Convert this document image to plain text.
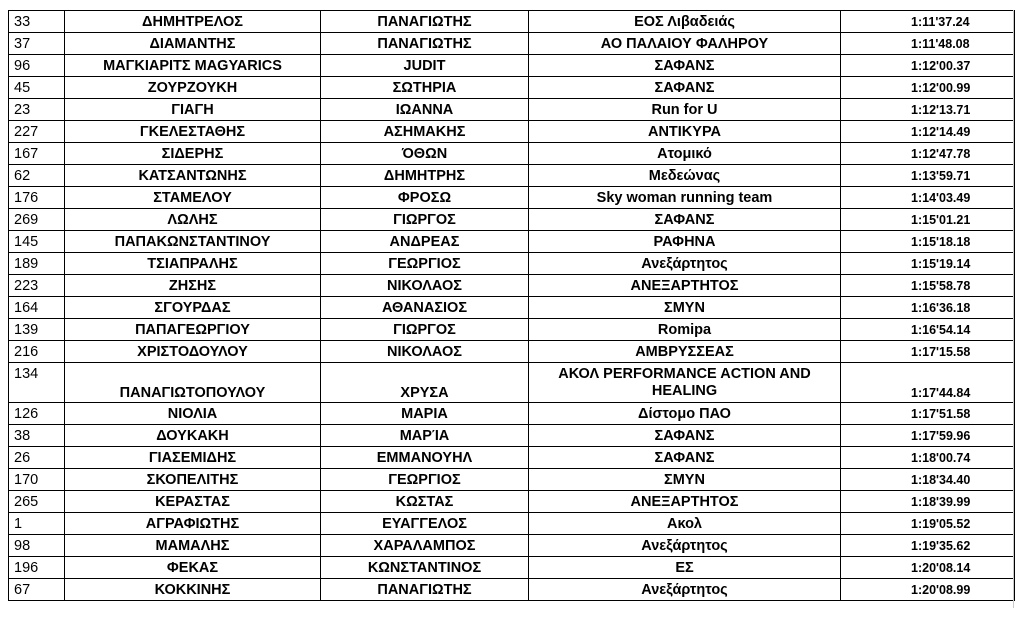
33	ΔΗΜΗΤΡΕΛΟΣ	ΠΑΝΑΓΙΩΤΗΣ	ΕΟΣ Λιβαδειάς	1:11'37.24
37	ΔΙΑΜΑΝΤΗΣ	ΠΑΝΑΓΙΩΤΗΣ	ΑΟ ΠΑΛΑΙΟΥ ΦΑΛΗΡΟΥ	1:11'48.08
96	ΜΑΓΚΙΑΡΙΤΣ MAGYARICS	JUDIT	ΣΑΦΑΝΣ	1:12'00.37
45	ΖΟΥΡΖΟΥΚΗ	ΣΩΤΗΡΙΑ	ΣΑΦΑΝΣ	1:12'00.99
23	ΓΙΑΓΗ	ΙΩΑΝΝΑ	Run for U	1:12'13.71
227	ΓΚΕΛΕΣΤΑΘΗΣ	ΑΣΗΜΑΚΗΣ	ΑΝΤΙΚΥΡΑ	1:12'14.49
167	ΣΙΔΕΡΗΣ	ΌΘΩΝ	Ατομικό	1:12'47.78
62	ΚΑΤΣΑΝΤΩΝΗΣ	ΔΗΜΗΤΡΗΣ	Μεδεώνας	1:13'59.71
176	ΣΤΑΜΕΛΟΥ	ΦΡΟΣΩ	Sky woman running team	1:14'03.49
269	ΛΩΛΗΣ	ΓΙΩΡΓΟΣ	ΣΑΦΑΝΣ	1:15'01.21
145	ΠΑΠΑΚΩΝΣΤΑΝΤΙΝΟΥ	ΑΝΔΡΕΑΣ	ΡΑΦΗΝΑ	1:15'18.18
189	ΤΣΙΑΠΡΑΛΗΣ	ΓΕΩΡΓΙΟΣ	Ανεξάρτητος	1:15'19.14
223	ΖΗΣΗΣ	ΝΙΚΟΛΑΟΣ	ΑΝΕΞΑΡΤΗΤΟΣ	1:15'58.78
164	ΣΓΟΥΡΔΑΣ	ΑΘΑΝΑΣΙΟΣ	ΣΜΥΝ	1:16'36.18
139	ΠΑΠΑΓΕΩΡΓΙΟΥ	ΓΙΩΡΓΟΣ	Romipa	1:16'54.14
216	ΧΡΙΣΤΟΔΟΥΛΟΥ	ΝΙΚΟΛΑΟΣ	ΑΜΒΡΥΣΣΕΑΣ	1:17'15.58
134	ΠΑΝΑΓΙΩΤΟΠΟΥΛΟΥ	ΧΡΥΣΑ	ΑΚΟΛ PERFORMANCE ACTION AND HEALING	1:17'44.84
126	ΝΙΟΛΙΑ	ΜΑΡΙΑ	Δίστομο ΠΑΟ	1:17'51.58
38	ΔΟΥΚΑΚΗ	ΜΑΡΊΑ	ΣΑΦΑΝΣ	1:17'59.96
26	ΓΙΑΣΕΜΙΔΗΣ	ΕΜΜΑΝΟΥΗΛ	ΣΑΦΑΝΣ	1:18'00.74
170	ΣΚΟΠΕΛΙΤΗΣ	ΓΕΩΡΓΙΟΣ	ΣΜΥΝ	1:18'34.40
265	ΚΕΡΑΣΤΑΣ	ΚΩΣΤΑΣ	ΑΝΕΞΑΡΤΗΤΟΣ	1:18'39.99
1	ΑΓΡΑΦΙΩΤΗΣ	ΕΥΑΓΓΕΛΟΣ	Ακολ	1:19'05.52
98	ΜΑΜΑΛΗΣ	ΧΑΡΑΛΑΜΠΟΣ	Ανεξάρτητος	1:19'35.62
196	ΦΕΚΑΣ	ΚΩΝΣΤΑΝΤΙΝΟΣ	ΕΣ	1:20'08.14
67	ΚΟΚΚΙΝΗΣ	ΠΑΝΑΓΙΩΤΗΣ	Ανεξάρτητος	1:20'08.99
